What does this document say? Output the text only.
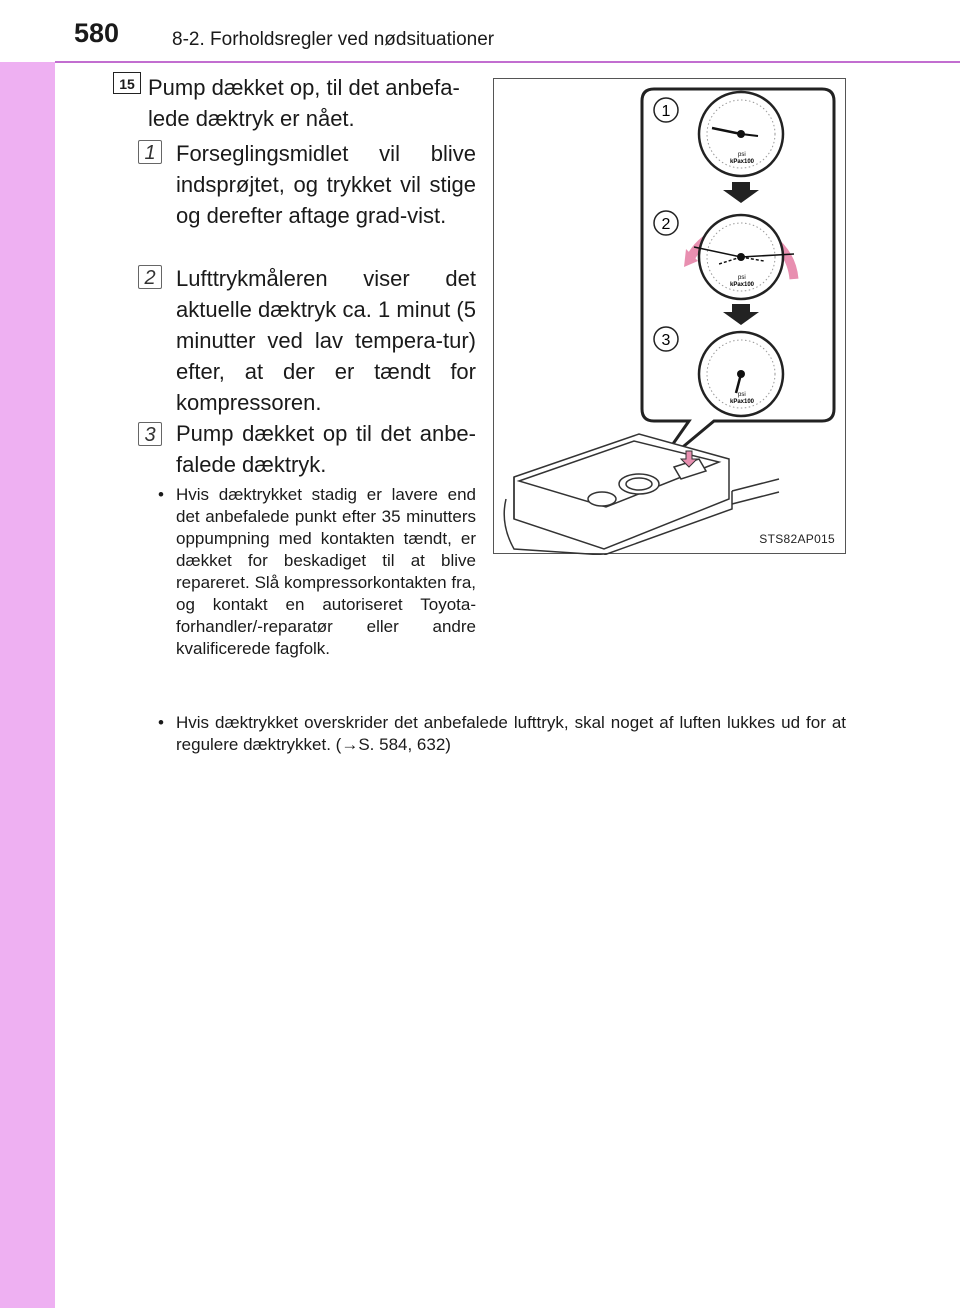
580	8-2. Forholdsregler ved nødsituationer
15 Pump dækket op, til det anbefa-lede dæktryk er nået.
1 Forseglingsmidlet vil blive indsprøjtet, og trykket vil stige og derefter aftage grad-vist.
2 Lufttrykmåleren viser det aktuelle dæktryk ca. 1 minut (5 minutter ved lav tempera-tur) efter, at der er tændt for kompressoren.
3 Pump dækket op til det anbe-falede dæktryk.
• Hvis dæktrykket stadig er lavere end det anbefalede punkt efter 35 minutters oppumpning med kontakten tændt, er dækket for beskadiget til at blive repareret. Slå kompressorkontakten fra, og kontakt en autoriseret Toyota-forhandler/-reparatør eller andre kvalificerede fagfolk.
• Hvis dæktrykket overskrider det anbefalede lufttryk, skal noget af luften lukkes ud for at regulere dæktrykket. (→S. 584, 632)
1
2
3
psi
kPax100
psi
kPax100
psi
kPax100
STS82AP015
